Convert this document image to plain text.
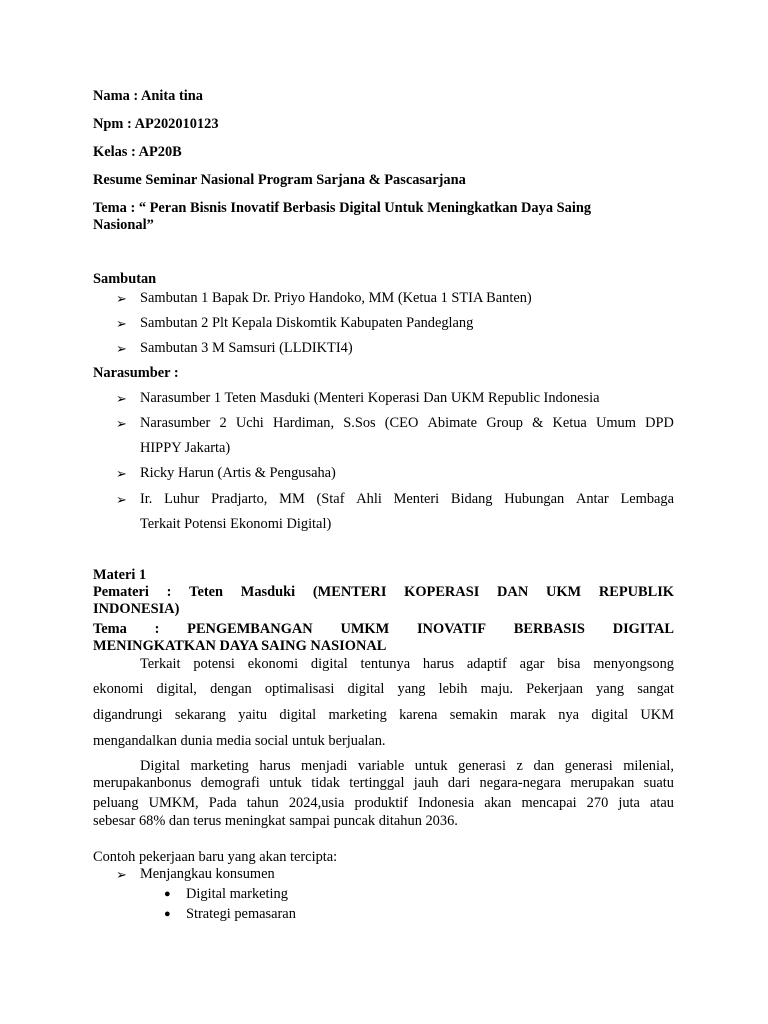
Nama : Anita tina
Npm : AP202010123
Kelas : AP20B
Resume Seminar Nasional Program Sarjana & Pascasarjana
Tema : “ Peran Bisnis Inovatif Berbasis Digital Untuk Meningkatkan Daya Saing
Nasional”
Sambutan
➢ Sambutan 1 Bapak Dr. Priyo Handoko, MM (Ketua 1 STIA Banten)
➢ Sambutan 2 Plt Kepala Diskomtik Kabupaten Pandeglang
➢ Sambutan 3 M Samsuri (LLDIKTI4)
Narasumber :
➢ Narasumber 1 Teten Masduki (Menteri Koperasi Dan UKM Republic Indonesia
➢ Narasumber 2 Uchi Hardiman, S.Sos (CEO Abimate Group & Ketua Umum DPD
HIPPY Jakarta)
➢ Ricky Harun (Artis & Pengusaha)
➢ Ir. Luhur Pradjarto, MM (Staf Ahli Menteri Bidang Hubungan Antar Lembaga
Terkait Potensi Ekonomi Digital)
Materi 1
Pemateri : Teten Masduki (MENTERI KOPERASI DAN UKM REPUBLIK
INDONESIA)
Tema : PENGEMBANGAN UMKM INOVATIF BERBASIS DIGITAL
MENINGKATKAN DAYA SAING NASIONAL
Terkait potensi ekonomi digital tentunya harus adaptif agar bisa menyongsong
ekonomi digital, dengan optimalisasi digital yang lebih maju. Pekerjaan yang sangat
digandrungi sekarang yaitu digital marketing karena semakin marak nya digital UKM
mengandalkan dunia media social untuk berjualan.
Digital marketing harus menjadi variable untuk generasi z dan generasi milenial,
merupakanbonus demografi untuk tidak tertinggal jauh dari negara-negara merupakan suatu
peluang UMKM, Pada tahun 2024,usia produktif Indonesia akan mencapai 270 juta atau
sebesar 68% dan terus meningkat sampai puncak ditahun 2036.
Contoh pekerjaan baru yang akan tercipta:
➢ Menjangkau konsumen
● Digital marketing
● Strategi pemasaran
